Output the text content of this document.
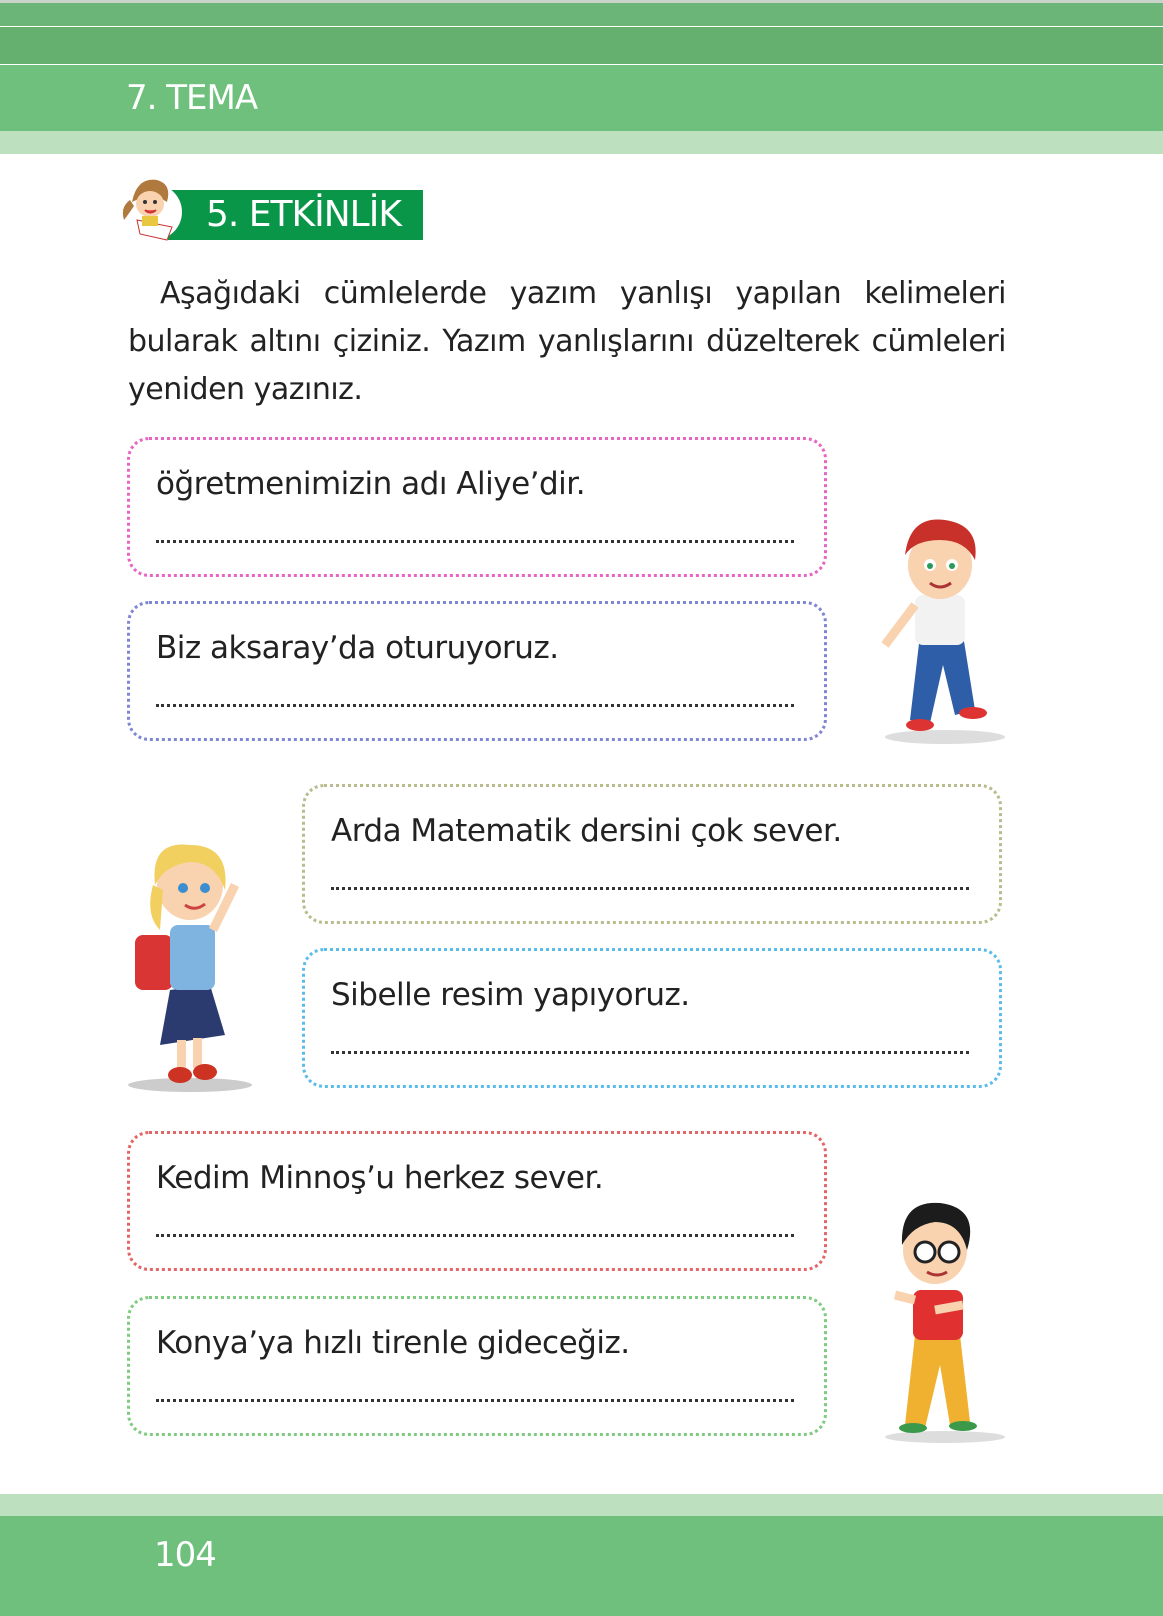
7. TEMA
5. ETKİNLİK
Aşağıdaki cümlelerde yazım yanlışı yapılan kelimeleri bularak altını çiziniz. Yazım yanlışlarını düzelterek cümleleri yeniden yazınız.
öğretmenimizin adı Aliye’dir.
Biz aksaray’da oturuyoruz.
Arda Matematik dersini çok sever.
Sibelle resim yapıyoruz.
Kedim Minnoş’u herkez sever.
Konya’ya hızlı tirenle gideceğiz.
104
